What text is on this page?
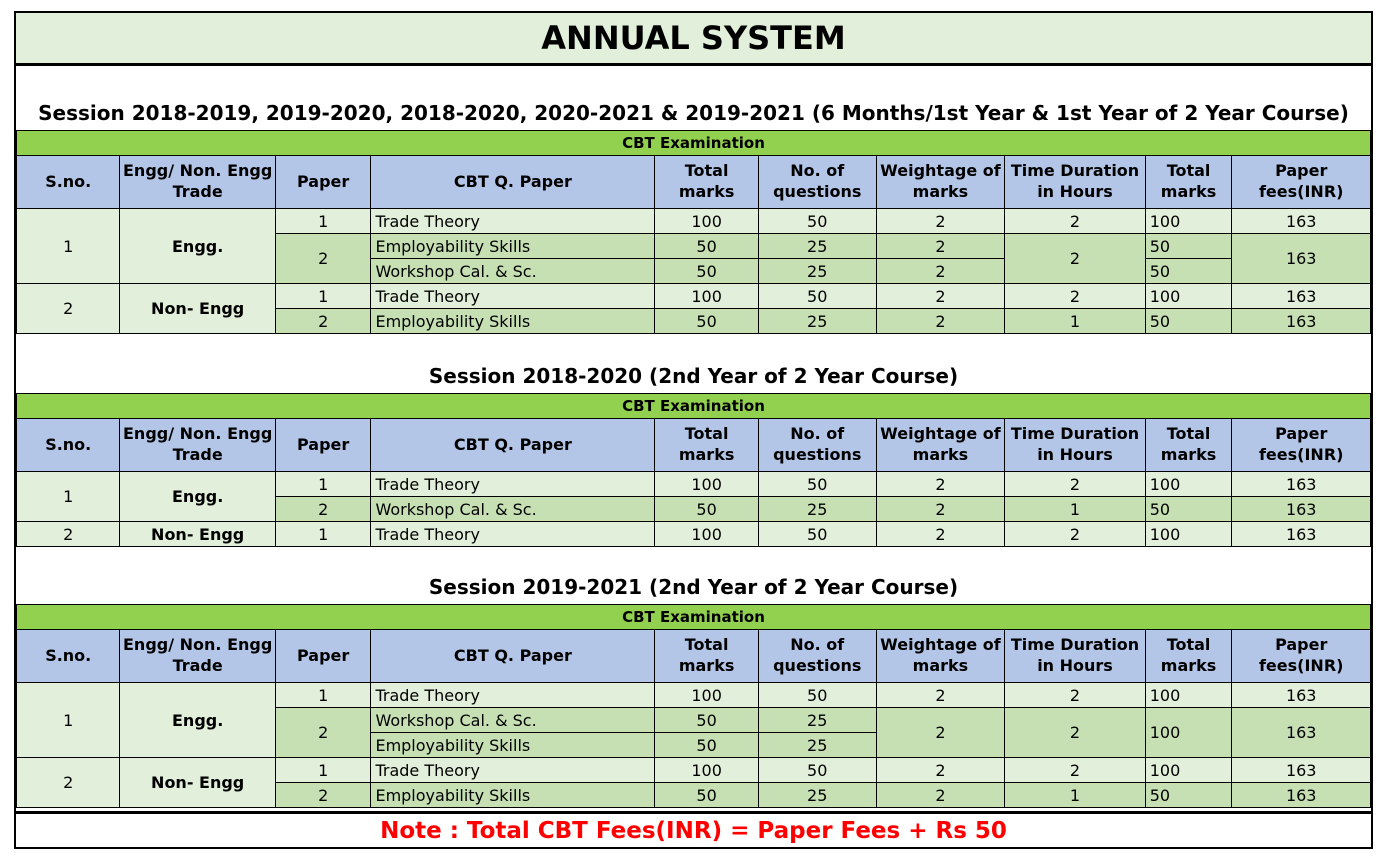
ANNUAL SYSTEM
Session 2018-2019, 2019-2020, 2018-2020, 2020-2021 & 2019-2021 (6 Months/1st Year & 1st Year of 2 Year Course)
CBT Examination									
S.no.	Engg/ Non. Engg Trade	Paper	CBT Q. Paper	Total marks	No. of questions	Weightage of marks	Time Duration in Hours	Total marks	Paper fees(INR)
1	Engg.	1	Trade Theory	100	50	2	2	100	163
		2	Employability Skills	50	25	2	2	50	163
			Workshop Cal. & Sc.	50	25	2		50	
2	Non- Engg	1	Trade Theory	100	50	2	2	100	163
		2	Employability Skills	50	25	2	1	50	163
Session 2018-2020 (2nd Year of 2 Year Course)
CBT Examination									
S.no.	Engg/ Non. Engg Trade	Paper	CBT Q. Paper	Total marks	No. of questions	Weightage of marks	Time Duration in Hours	Total marks	Paper fees(INR)
1	Engg.	1	Trade Theory	100	50	2	2	100	163
		2	Workshop Cal. & Sc.	50	25	2	1	50	163
2	Non- Engg	1	Trade Theory	100	50	2	2	100	163
Session 2019-2021 (2nd Year of 2 Year Course)
CBT Examination									
S.no.	Engg/ Non. Engg Trade	Paper	CBT Q. Paper	Total marks	No. of questions	Weightage of marks	Time Duration in Hours	Total marks	Paper fees(INR)
1	Engg.	1	Trade Theory	100	50	2	2	100	163
		2	Workshop Cal. & Sc.	50	25	2	2	100	163
			Employability Skills	50	25				
2	Non- Engg	1	Trade Theory	100	50	2	2	100	163
		2	Employability Skills	50	25	2	1	50	163
Note : Total CBT Fees(INR) = Paper Fees + Rs 50
